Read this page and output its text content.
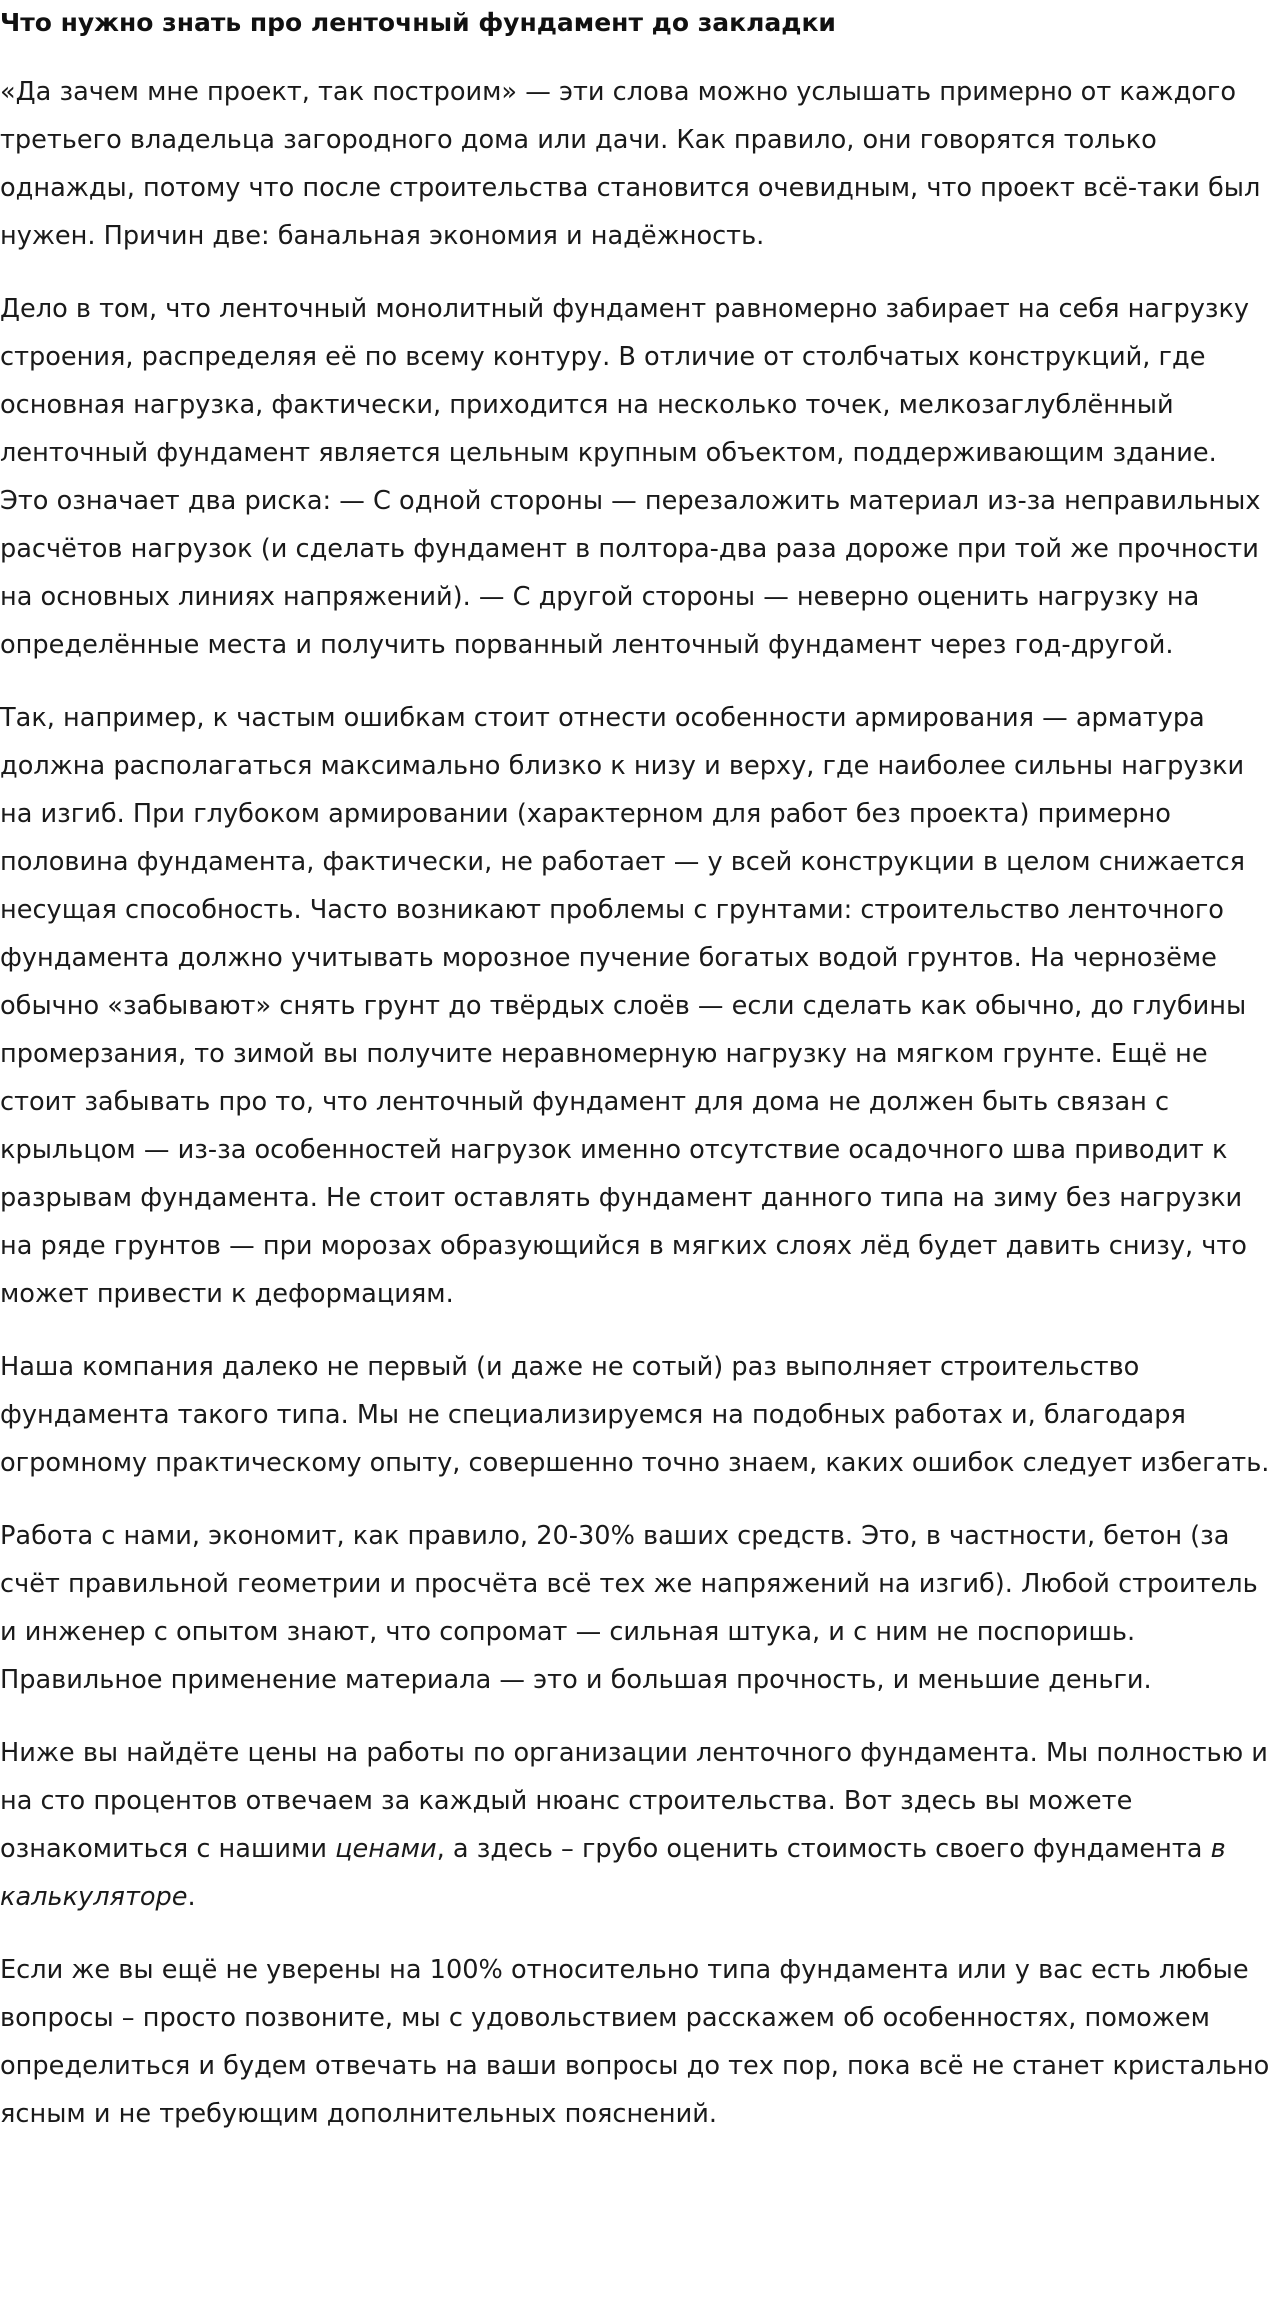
Что нужно знать про ленточный фундамент до закладки

«Да зачем мне проект, так построим» — эти слова можно услышать примерно от каждого третьего владельца загородного дома или дачи. Как правило, они говорятся только однажды, потому что после строительства становится очевидным, что проект всё-таки был нужен. Причин две: банальная экономия и надёжность.

Дело в том, что ленточный монолитный фундамент равномерно забирает на себя нагрузку строения, распределяя её по всему контуру. В отличие от столбчатых конструкций, где основная нагрузка, фактически, приходится на несколько точек, мелкозаглублённый ленточный фундамент является цельным крупным объектом, поддерживающим здание. Это означает два риска: — С одной стороны — перезаложить материал из-за неправильных расчётов нагрузок (и сделать фундамент в полтора-два раза дороже при той же прочности на основных линиях напряжений). — С другой стороны — неверно оценить нагрузку на определённые места и получить порванный ленточный фундамент через год-другой.

Так, например, к частым ошибкам стоит отнести особенности армирования — арматура должна располагаться максимально близко к низу и верху, где наиболее сильны нагрузки на изгиб. При глубоком армировании (характерном для работ без проекта) примерно половина фундамента, фактически, не работает — у всей конструкции в целом снижается несущая способность. Часто возникают проблемы с грунтами: строительство ленточного фундамента должно учитывать морозное пучение богатых водой грунтов. На чернозёме обычно «забывают» снять грунт до твёрдых слоёв — если сделать как обычно, до глубины промерзания, то зимой вы получите неравномерную нагрузку на мягком грунте. Ещё не стоит забывать про то, что ленточный фундамент для дома не должен быть связан с крыльцом — из-за особенностей нагрузок именно отсутствие осадочного шва приводит к разрывам фундамента. Не стоит оставлять фундамент данного типа на зиму без нагрузки на ряде грунтов — при морозах образующийся в мягких слоях лёд будет давить снизу, что может привести к деформациям.

Наша компания далеко не первый (и даже не сотый) раз выполняет строительство фундамента такого типа. Мы не специализируемся на подобных работах и, благодаря огромному практическому опыту, совершенно точно знаем, каких ошибок следует избегать.

Работа с нами, экономит, как правило, 20-30% ваших средств. Это, в частности, бетон (за счёт правильной геометрии и просчёта всё тех же напряжений на изгиб). Любой строитель и инженер с опытом знают, что сопромат — сильная штука, и с ним не поспоришь. Правильное применение материала — это и большая прочность, и меньшие деньги.

Ниже вы найдёте цены на работы по организации ленточного фундамента. Мы полностью и на сто процентов отвечаем за каждый нюанс строительства. Вот здесь вы можете ознакомиться с нашими ценами, а здесь – грубо оценить стоимость своего фундамента в калькуляторе.

Если же вы ещё не уверены на 100% относительно типа фундамента или у вас есть любые вопросы – просто позвоните, мы с удовольствием расскажем об особенностях, поможем определиться и будем отвечать на ваши вопросы до тех пор, пока всё не станет кристально ясным и не требующим дополнительных пояснений.
